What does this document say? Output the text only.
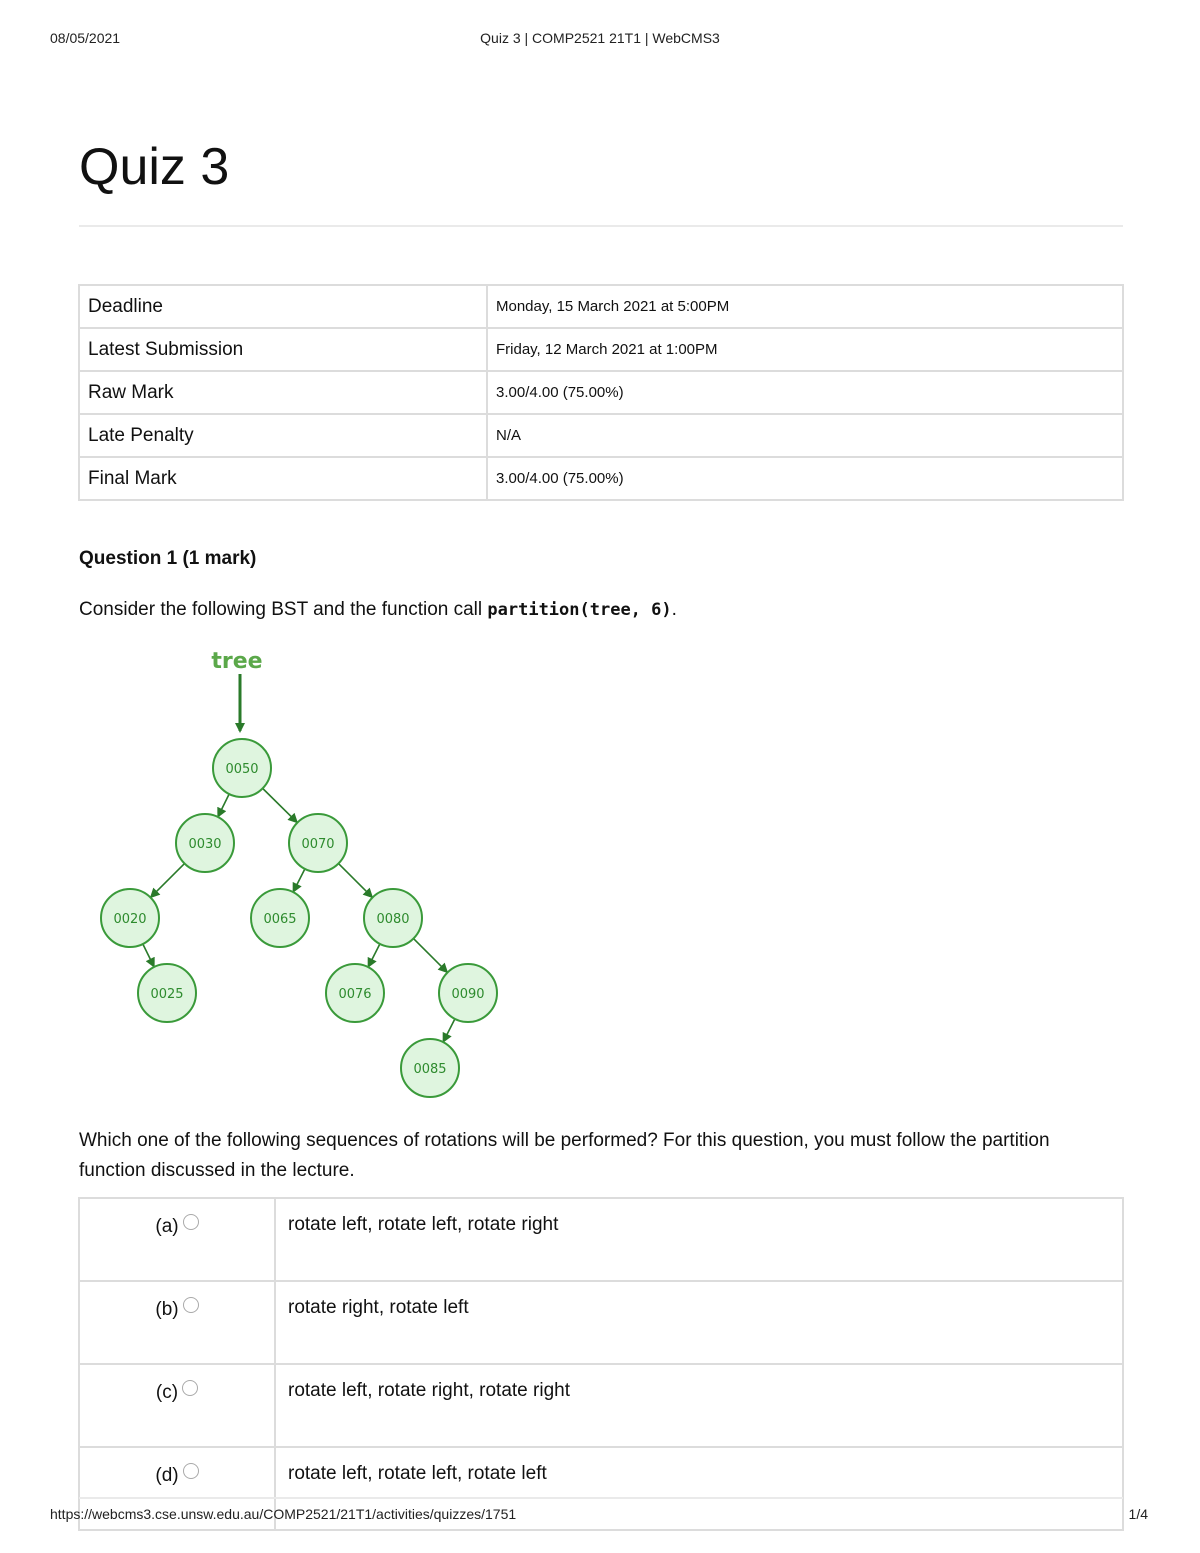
08/05/2021	Quiz 3 | COMP2521 21T1 | WebCMS3
Quiz 3
Deadline	Monday, 15 March 2021 at 5:00PM
Latest Submission	Friday, 12 March 2021 at 1:00PM
Raw Mark	3.00/4.00 (75.00%)
Late Penalty	N/A
Final Mark	3.00/4.00 (75.00%)
Question 1 (1 mark)
Consider the following BST and the function call partition(tree, 6).
tree
0050
0030	0070
0020	0065	0080
0025	0076	0090
0085
Which one of the following sequences of rotations will be performed? For this question, you must follow the partition function discussed in the lecture.
(a)	rotate left, rotate left, rotate right
(b)	rotate right, rotate left
(c)	rotate left, rotate right, rotate right
(d)	rotate left, rotate left, rotate left
https://webcms3.cse.unsw.edu.au/COMP2521/21T1/activities/quizzes/1751	1/4
